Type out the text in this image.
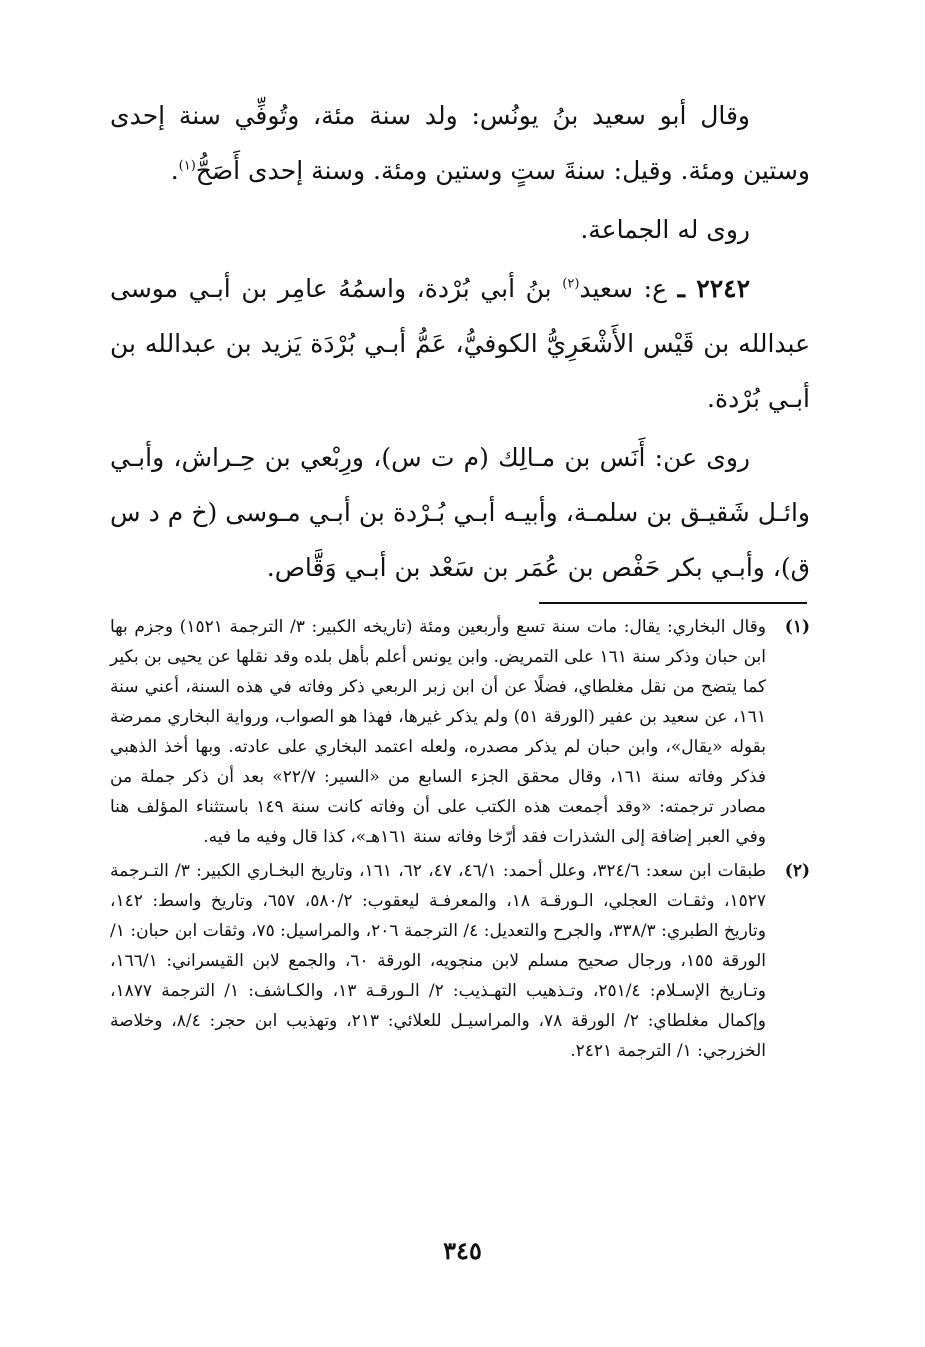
وقال أبو سعيد بنُ يونُس: ولد سنة مئة، وتُوفِّي سنة إحدى وستين ومئة. وقيل: سنةَ ستٍ وستين ومئة. وسنة إحدى أَصَحُّ$^{(١)}$.

روى له الجماعة.

٢٢٤٢ ـ ع: سعيد$^{(٢)}$ بنُ أبي بُرْدة، واسمُهُ عامِر بن أبـي موسى عبدالله بن قَيْس الأَشْعَرِيُّ الكوفيُّ، عَمُّ أبـي بُرْدَة يَزيد بن عبدالله بن أبـي بُرْدة.

روى عن: أَنَس بن مـالِك (م ت س)، ورِبْعي بن حِـراش، وأبـي وائـل شَقيـق بن سلمـة، وأبيـه أبـي بُـرْدة بن أبـي مـوسى (خ م د س ق)، وأبـي بكر حَفْص بن عُمَر بن سَعْد بن أبـي وَقَّاص.

(١)
وقال البخاري: يقال: مات سنة تسع وأربعين ومئة (تاريخه الكبير: ٣/ الترجمة ١٥٢١) وجزم بها ابن حبان وذكر سنة ١٦١ على التمريض. وابن يونس أعلم بأهل بلده وقد نقلها عن يحيى بن بكير كما يتضح من نقل مغلطاي، فضلًا عن أن ابن زبر الربعي ذكر وفاته في هذه السنة، أعني سنة ١٦١، عن سعيد بن عفير (الورقة ٥١) ولم يذكر غيرها، فهذا هو الصواب، ورواية البخاري ممرضة بقوله «يقال»، وابن حبان لم يذكر مصدره، ولعله اعتمد البخاري على عادته. وبها أخذ الذهبي فذكر وفاته سنة ١٦١، وقال محقق الجزء السابع من «السير: ٢٢/٧» بعد أن ذكر جملة من مصادر ترجمته: «وقد أجمعت هذه الكتب على أن وفاته كانت سنة ١٤٩ باستثناء المؤلف هنا وفي العبر إضافة إلى الشذرات فقد أرّخا وفاته سنة ١٦١هـ»، كذا قال وفيه ما فيه.
(٢)
طبقات ابن سعد: ٣٢٤/٦، وعلل أحمد: ٤٦/١، ٤٧، ٦٢، ١٦١، وتاريخ البخـاري الكبير: ٣/ التـرجمة ١٥٢٧، وثقـات العجلي، الـورقـة ١٨، والمعرفـة ليعقوب: ٥٨٠/٢، ٦٥٧، وتاريخ واسط: ١٤٢، وتاريخ الطبري: ٣٣٨/٣، والجرح والتعديل: ٤/ الترجمة ٢٠٦، والمراسيل: ٧٥، وثقات ابن حبان: ١/ الورقة ١٥٥، ورجال صحيح مسلم لابن منجويه، الورقة ٦٠، والجمع لابن القيسراني: ١٦٦/١، وتـاريخ الإسـلام: ٢٥١/٤، وتـذهيب التهـذيب: ٢/ الـورقـة ١٣، والكـاشف: ١/ الترجمة ١٨٧٧، وإكمال مغلطاي: ٢/ الورقة ٧٨، والمراسيـل للعلائي: ٢١٣، وتهذيب ابن حجر: ٨/٤، وخلاصة الخزرجي: ١/ الترجمة ٢٤٢١.
٣٤٥
